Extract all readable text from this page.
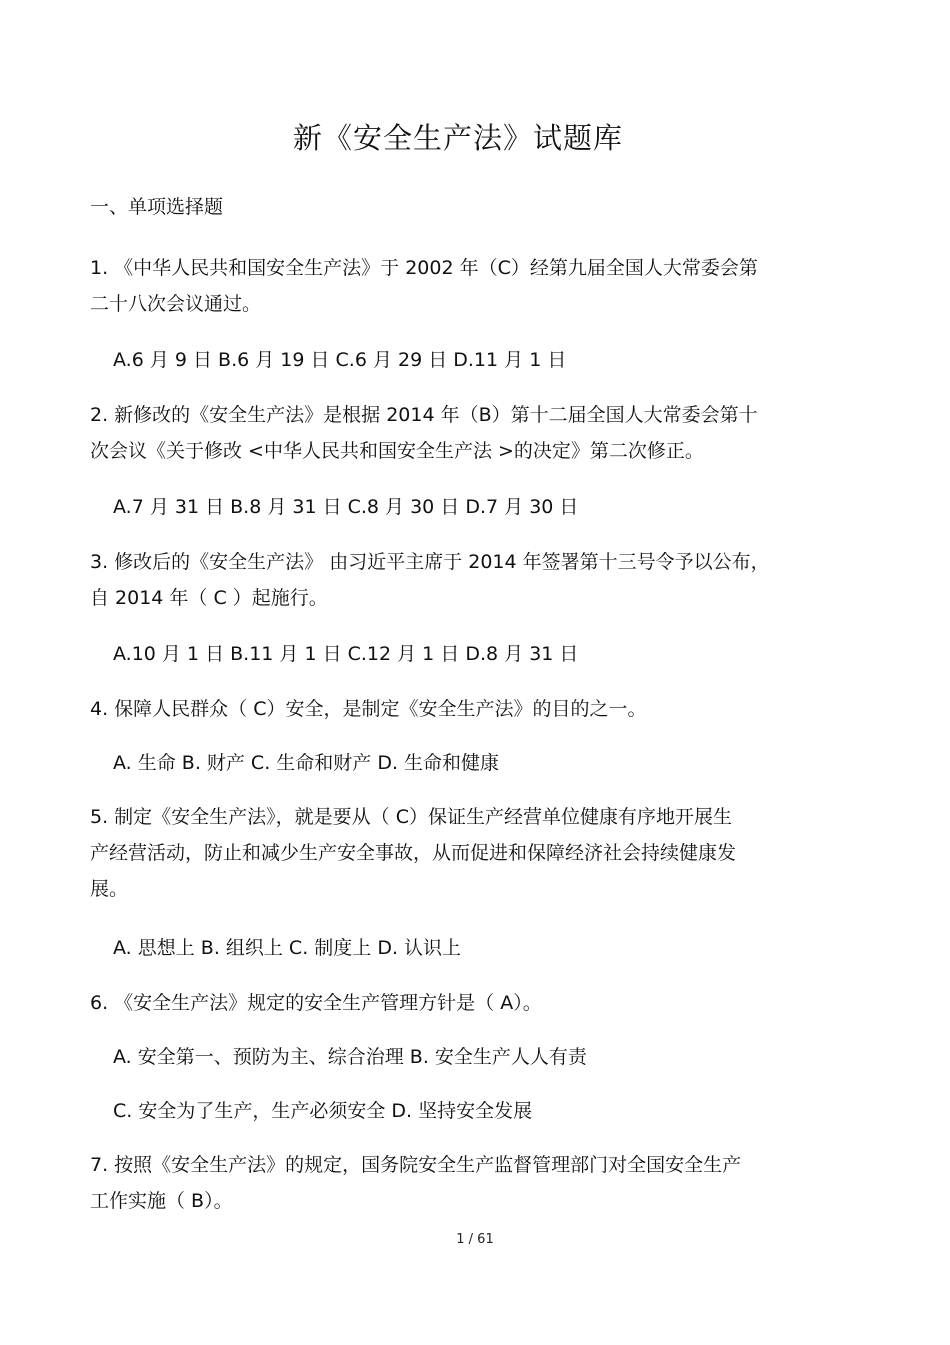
新《安全生产法》试题库
一、单项选择题
1. 《中华人民共和国安全生产法》于 2002 年（C）经第九届全国人大常委会第
二十八次会议通过。
A.6 月 9 日 B.6 月 19 日 C.6 月 29 日 D.11 月 1 日
2. 新修改的《安全生产法》是根据 2014 年（B）第十二届全国人大常委会第十
次会议《关于修改 <中华人民共和国安全生产法 >的决定》第二次修正。
A.7 月 31 日 B.8 月 31 日 C.8 月 30 日 D.7 月 30 日
3. 修改后的《安全生产法》 由习近平主席于 2014 年签署第十三号令予以公布，
自 2014 年（ C ）起施行。
A.10 月 1 日 B.11 月 1 日 C.12 月 1 日 D.8 月 31 日
4. 保障人民群众（ C）安全，是制定《安全生产法》的目的之一。
A. 生命 B. 财产 C. 生命和财产 D. 生命和健康
5. 制定《安全生产法》，就是要从（ C）保证生产经营单位健康有序地开展生
产经营活动，防止和减少生产安全事故，从而促进和保障经济社会持续健康发
展。
A. 思想上 B. 组织上 C. 制度上 D. 认识上
6. 《安全生产法》规定的安全生产管理方针是（ A）。
A. 安全第一、预防为主、综合治理 B. 安全生产人人有责
C. 安全为了生产，生产必须安全 D. 坚持安全发展
7. 按照《安全生产法》的规定，国务院安全生产监督管理部门对全国安全生产
工作实施（ B）。
1 / 61
